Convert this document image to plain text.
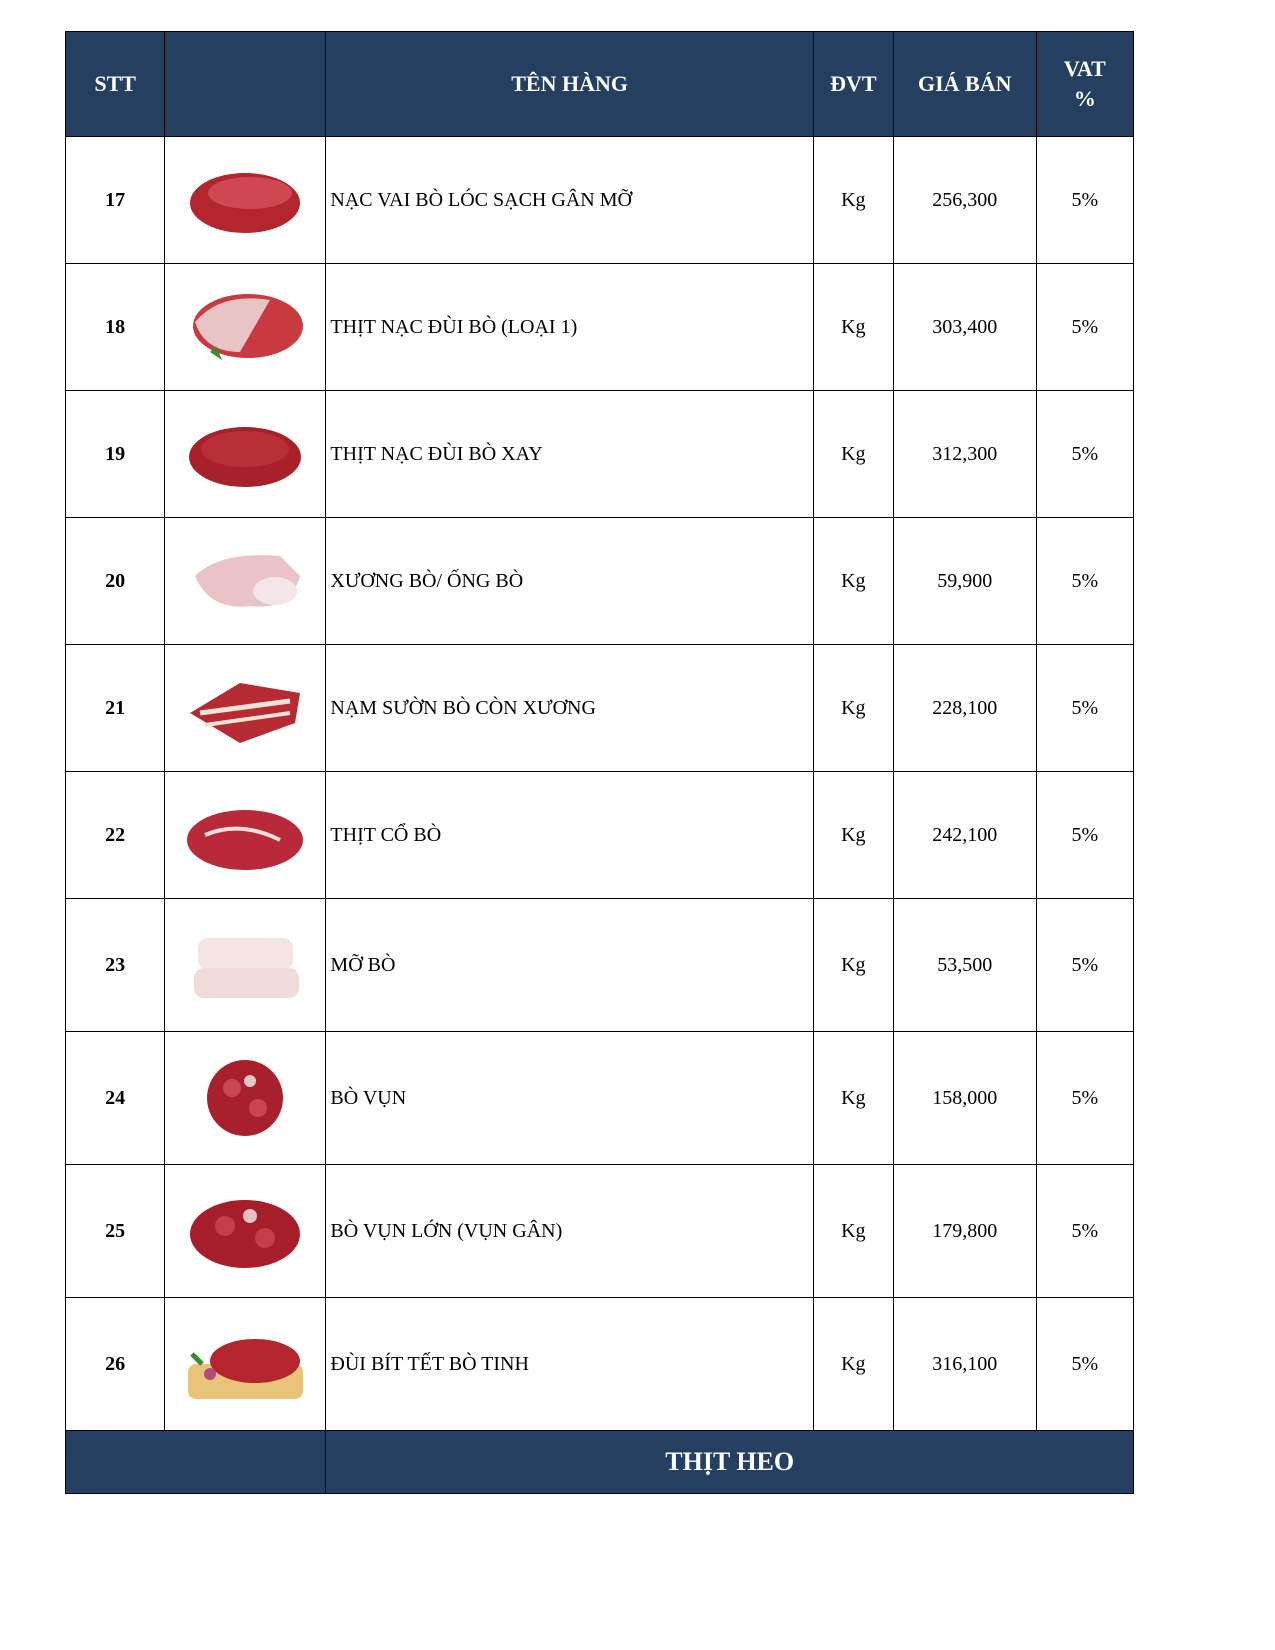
STT		TÊN HÀNG	ĐVT	GIÁ BÁN	VAT %
17		NẠC VAI BÒ LÓC SẠCH GÂN MỠ	Kg	256,300	5%
18		THỊT NẠC ĐÙI BÒ (LOẠI 1)	Kg	303,400	5%
19		THỊT NẠC ĐÙI BÒ XAY	Kg	312,300	5%
20		XƯƠNG BÒ/ ỐNG BÒ	Kg	59,900	5%
21		NẠM SƯỜN BÒ CÒN XƯƠNG	Kg	228,100	5%
22		THỊT CỔ BÒ	Kg	242,100	5%
23		MỠ BÒ	Kg	53,500	5%
24		BÒ VỤN	Kg	158,000	5%
25		BÒ VỤN LỚN (VỤN GÂN)	Kg	179,800	5%
26		ĐÙI BÍT TẾT BÒ TINH	Kg	316,100	5%
		THỊT HEO			
